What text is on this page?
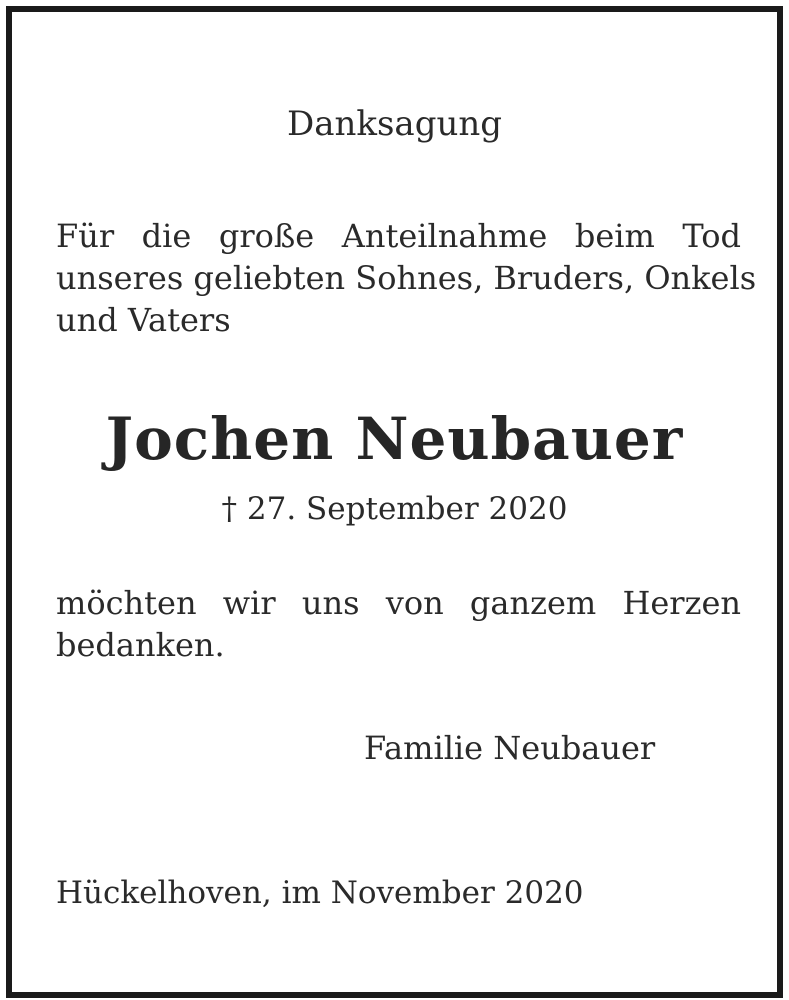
Danksagung

Für die große Anteilnahme beim Tod
unseres geliebten Sohnes, Bruders, Onkels
und Vaters

Jochen Neubauer

† 27. September 2020

möchten wir uns von ganzem Herzen
bedanken.

Familie Neubauer

Hückelhoven, im November 2020
